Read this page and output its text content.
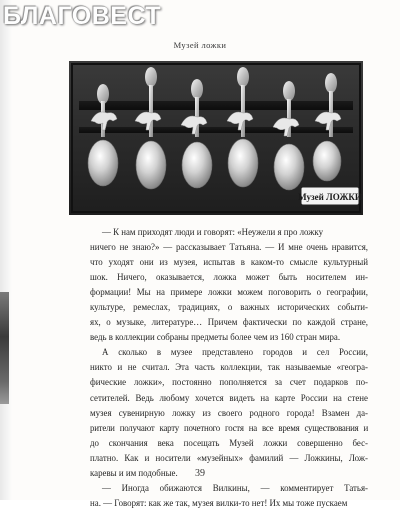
БЛАГОВЕСТ
Музей ложки
Музей ЛОЖКИ
— К нам приходят люди и говорят: «Неужели я про ложку
ничего не знаю?» — рассказывает Татьяна. — И мне очень нравится,
что уходят они из музея, испытав в каком-то смысле культурный
шок. Ничего, оказывается, ложка может быть носителем ин-
формации! Мы на примере ложки можем поговорить о географии,
культуре, ремеслах, традициях, о важных исторических событи-
ях, о музыке, литературе… Причем фактически по каждой стране,
ведь в коллекции собраны предметы более чем из 160 стран мира.
А сколько в музее представлено городов и сел России,
никто и не считал. Эта часть коллекции, так называемые «геогра-
фические ложки», постоянно пополняется за счет подарков по-
сетителей. Ведь любому хочется видеть на карте России на стене
музея сувенирную ложку из своего родного города! Взамен да-
рители получают карту почетного гостя на все время существования и
до скончания века посещать Музей ложки совершенно бес-
платно. Как и носители «музейных» фамилий — Ложкины, Лож-
каревы и им подобные.
— Иногда обижаются Вилкины, — комментирует Татья-
на. — Говорят: как же так, музея вилки-то нет! Их мы тоже пускаем
39
